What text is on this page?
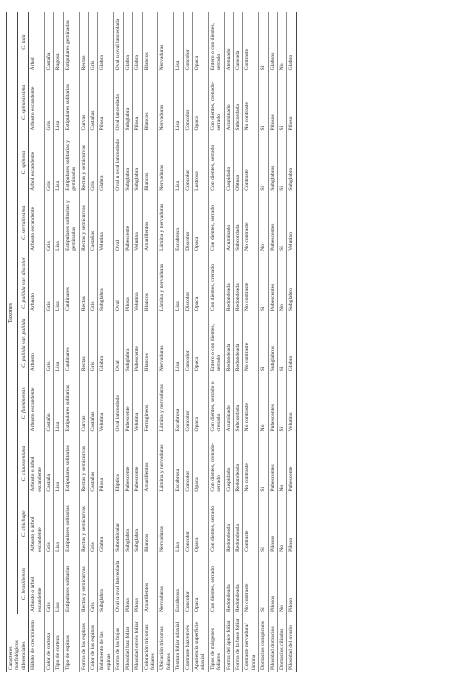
Caracteres morfológicos diferenciales	Taxones									
	C. brasiliensis	C. chichape	C. clausseniana	C. fluminensis	C. pallida var. pallida	C. pallida var. discolor	C. serratissima	C. spinosa	C. spinosissima	C. tula
Hábito de crecimiento	Arbusto o árbol escandente	Arbusto o árbol escandente	Arbusto o árbol escandente	Arbusto escandente	Arbusto	Arbusto	Arbusto escandente	Árbol escandente	Arbusto escandente	Árbol
Color de corteza	Gris	Gris	Castaña	Castaño	Gris	Gris	Gris	Gris	Gris	Castaña
Tipo de corteza	Lisa	Lisa	Lisa	Lisa	Lisa	Lisa	Lisa	Lisa	Lisa	Rugosa
Tipo de espinas	Estipulares solitarias	Estipulares solitarias	Estipulares solitarias	Estipulares solitarias	Caulinares	Caulinares	Estipulares solitarias y geminadas	Estipulares solitarias y geminadas	Estipulares solitarias	Estipulares geminadas
Forma de las espinas	Rectas y semicurvas	Rectas y semicurvas	Rectas y semicurvas	Curvas	Rectas	Rectas	Rectas y semicurvas	Rectas y semicurvas	Curvas	Rectas
Color de las espinas	Gris	Gris	Castañas	Castañas	Gris	Gris	Castañas	Gris	Castañas	Gris
Indumento de las espinas	Subglabra	Glabra	Pilosa	Velutina	Glabra	Subglabra	Velutina	Glabra	Pilosa	Glabra
Forma de las hojas	Oval u oval lanceolada	Suborbicular	Elíptica	Oval lanceolada	Oval	Oval	Oval	Oval u oval lanceolada	Oval lanceolada	Oval u oval lanceolada
Pilosidad haz foliar	Pilosa	Subglabra	Pubescente	Pubescente	Subglabra	Pilosa	Pubescente	Subglabra	Subglabra	Glabra
Pilosidad envés foliar	Pilosa	Subglabra	Pubescente	Velutina	Pubescente	Velutina	Velutina	Subglabra	Pilosa	Glabra
Coloración tricomas foliares	Amarillentos	Blancos	Amarillentos	Ferrugíneos	Blancos	Blancos	Amarillentos	Blancos	Blancos	Blancos
Ubicación tricomas foliares	Nervaduras	Nervaduras	Lámina y nervaduras	Lámina y nervaduras	Nervaduras	Lámina y nervaduras	Lámina y nervaduras	Nervaduras	Nervaduras	Nervaduras
Textura foliar adaxial	Escabrosa	Lisa	Escabrosa	Escabrosa	Lisa	Lisa	Escabrosa	Lisa	Lisa	Lisa
Contraste haz/envés	Concolor	Concolor	Concolor	Concolor	Concolor	Discolor	Discolor	Concolor	Concolor	Concolor
Apariencia superficie adaxial	Opaca	Opaca	Opaca	Opaca	Opaca	Opaca	Opaca	Lustrosa	Opaca	Opaca
Tipos de márgenes foliares	Con dientes, serrado	Con dientes, serrado	Con dientes, crenado-serrado	Con dientes, serrado o crenado	Entero o con dientes, serrado	Con dientes, crenado	Con dientes, serrado	Con dientes, serrado	Con dientes, crenado-serrado	Entero o con dientes, serrado
Forma del ápice foliar	Redondeada	Redondeada	Cuspidado	Acuminado	Redondeada	Redondeada	Acuminado	Cuspidado	Acuminado	Atenuado
Forma de la base foliar	Redondeada	Redondeada	Redondeada	Subcordada	Redondeada	Redondeada	Subcordada	Obtusa	Subcordada	Cuneada
Contraste nervadura/ lámina	No contraste	Contraste	No contraste	No contraste	No contraste	No contraste	No contraste	Contraste	No contraste	Contraste
Domacios conspicuos	Sí	Sí	Sí	No	Sí	Sí	No	Sí	Sí	Sí
Pilosidad domacios	Pilosos	Pilosos	Pubescentes	Pubescentes	Subglabros	Pubescentes	Pubescentes	Subglabros	Pilosos	Glabros
Domacios ciliados	No	No	No	Sí	Sí	No	Sí	Sí	Sí	No
Pilosidad del ovario	Piloso	Piloso	Pubescente	Velutino	Glabro	Subglabro	Velutino	Subglabro	Piloso	Glabro
